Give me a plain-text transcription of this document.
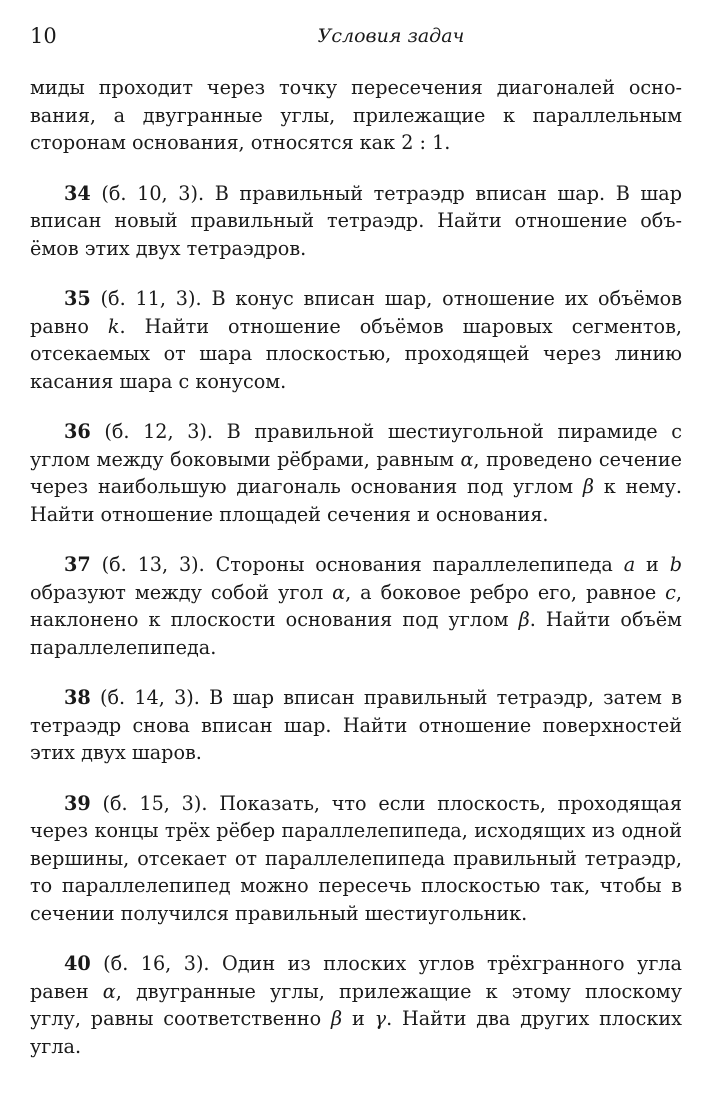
10	Условия задач

миды проходит через точку пересечения диагоналей основания, а двугранные углы, прилежащие к параллельным сторонам основания, относятся как 2 : 1.

34 (б. 10, 3). В правильный тетраэдр вписан шар. В шар вписан новый правильный тетраэдр. Найти отношение объёмов этих двух тетраэдров.

35 (б. 11, 3). В конус вписан шар, отношение их объёмов равно k. Найти отношение объёмов шаровых сегментов, отсекаемых от шара плоскостью, проходящей через линию касания шара с конусом.

36 (б. 12, 3). В правильной шестиугольной пирамиде с углом между боковыми рёбрами, равным α, проведено сечение через наибольшую диагональ основания под углом β к нему. Найти отношение площадей сечения и основания.

37 (б. 13, 3). Стороны основания параллелепипеда a и b образуют между собой угол α, а боковое ребро его, равное c, наклонено к плоскости основания под углом β. Найти объём параллелепипеда.

38 (б. 14, 3). В шар вписан правильный тетраэдр, затем в тетраэдр снова вписан шар. Найти отношение поверхностей этих двух шаров.

39 (б. 15, 3). Показать, что если плоскость, проходящая через концы трёх рёбер параллелепипеда, исходящих из одной вершины, отсекает от параллелепипеда правильный тетраэдр, то параллелепипед можно пересечь плоскостью так, чтобы в сечении получился правильный шестиугольник.

40 (б. 16, 3). Один из плоских углов трёхгранного угла равен α, двугранные углы, прилежащие к этому плоскому углу, равны соответственно β и γ. Найти два других плоских угла.
